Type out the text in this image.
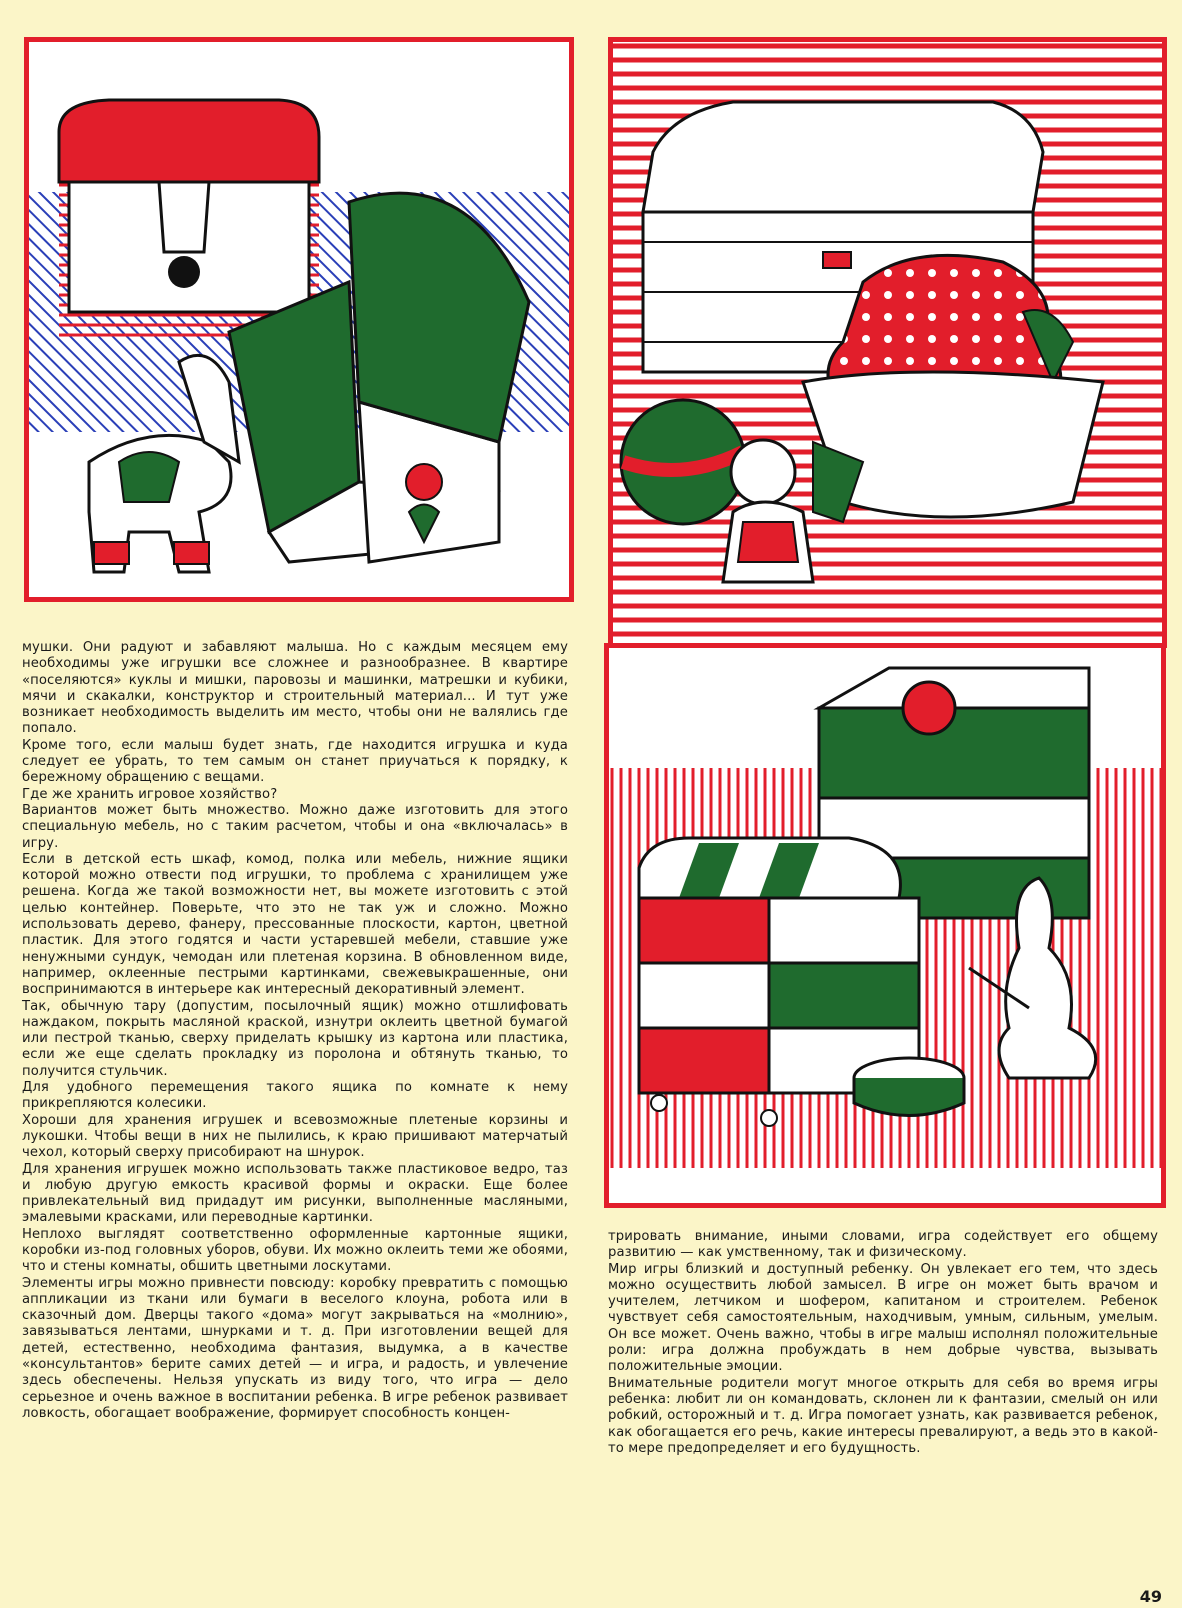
мушки. Они радуют и забавляют малыша. Но с каждым месяцем ему необходимы уже игрушки все сложнее и разнообразнее. В квартире «поселяются» куклы и мишки, паровозы и машинки, матрешки и кубики, мячи и скакалки, конструктор и строительный материал... И тут уже возникает необходимость выделить им место, чтобы они не валялись где попало.

Кроме того, если малыш будет знать, где находится игрушка и куда следует ее убрать, то тем самым он станет приучаться к порядку, к бережному обращению с вещами.

Где же хранить игровое хозяйство?

Вариантов может быть множество. Можно даже изготовить для этого специальную мебель, но с таким расчетом, чтобы и она «включалась» в игру.

Если в детской есть шкаф, комод, полка или мебель, нижние ящики которой можно отвести под игрушки, то проблема с хранилищем уже решена. Когда же такой возможности нет, вы можете изготовить с этой целью контейнер. Поверьте, что это не так уж и сложно. Можно использовать дерево, фанеру, прессованные плоскости, картон, цветной пластик. Для этого годятся и части устаревшей мебели, ставшие уже ненужными сундук, чемодан или плетеная корзина. В обновленном виде, например, оклеенные пестрыми картинками, свежевыкрашенные, они воспринимаются в интерьере как интересный декоративный элемент.

Так, обычную тару (допустим, посылочный ящик) можно отшлифовать наждаком, покрыть масляной краской, изнутри оклеить цветной бумагой или пестрой тканью, сверху приделать крышку из картона или пластика, если же еще сделать прокладку из поролона и обтянуть тканью, то получится стульчик.

Для удобного перемещения такого ящика по комнате к нему прикрепляются колесики.

Хороши для хранения игрушек и всевозможные плетеные корзины и лукошки. Чтобы вещи в них не пылились, к краю пришивают матерчатый чехол, который сверху присобирают на шнурок.

Для хранения игрушек можно использовать также пластиковое ведро, таз и любую другую емкость красивой формы и окраски. Еще более привлекательный вид придадут им рисунки, выполненные масляными, эмалевыми красками, или переводные картинки.

Неплохо выглядят соответственно оформленные картонные ящики, коробки из-под головных уборов, обуви. Их можно оклеить теми же обоями, что и стены комнаты, обшить цветными лоскутами.

Элементы игры можно привнести повсюду: коробку превратить с помощью аппликации из ткани или бумаги в веселого клоуна, робота или в сказочный дом. Дверцы такого «дома» могут закрываться на «молнию», завязываться лентами, шнурками и т. д. При изготовлении вещей для детей, естественно, необходима фантазия, выдумка, а в качестве «консультантов» берите самих детей — и игра, и радость, и увлечение здесь обеспечены. Нельзя упускать из виду того, что игра — дело серьезное и очень важное в воспитании ребенка. В игре ребенок развивает ловкость, обогащает воображение, формирует способность концен-

трировать внимание, иными словами, игра содействует его общему развитию — как умственному, так и физическому.

Мир игры близкий и доступный ребенку. Он увлекает его тем, что здесь можно осуществить любой замысел. В игре он может быть врачом и учителем, летчиком и шофером, капитаном и строителем. Ребенок чувствует себя самостоятельным, находчивым, умным, сильным, умелым. Он все может. Очень важно, чтобы в игре малыш исполнял положительные роли: игра должна пробуждать в нем добрые чувства, вызывать положительные эмоции.

Внимательные родители могут многое открыть для себя во время игры ребенка: любит ли он командовать, склонен ли к фантазии, смелый он или робкий, осторожный и т. д. Игра помогает узнать, как развивается ребенок, как обогащается его речь, какие интересы превалируют, а ведь это в какой-то мере предопределяет и его будущность.

49
